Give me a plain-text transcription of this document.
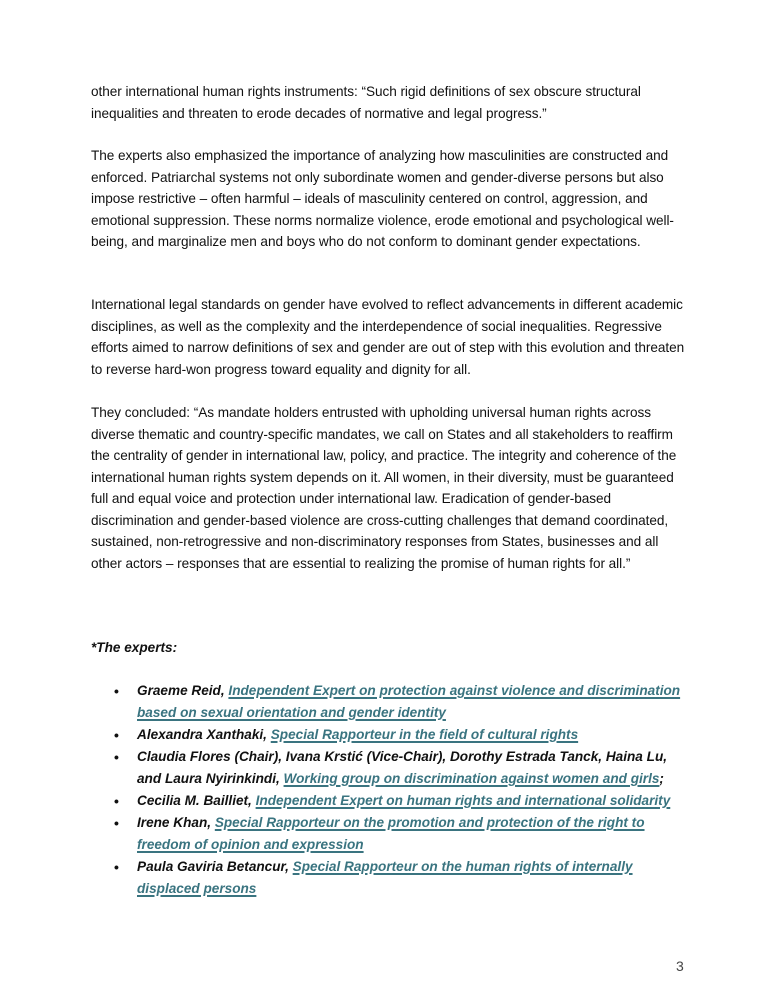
other international human rights instruments: “Such rigid definitions of sex obscure structural inequalities and threaten to erode decades of normative and legal progress.”

The experts also emphasized the importance of analyzing how masculinities are constructed and enforced. Patriarchal systems not only subordinate women and gender-diverse persons but also impose restrictive – often harmful – ideals of masculinity centered on control, aggression, and emotional suppression. These norms normalize violence, erode emotional and psychological well-being, and marginalize men and boys who do not conform to dominant gender expectations.

International legal standards on gender have evolved to reflect advancements in different academic disciplines, as well as the complexity and the interdependence of social inequalities. Regressive efforts aimed to narrow definitions of sex and gender are out of step with this evolution and threaten to reverse hard-won progress toward equality and dignity for all.

They concluded: “As mandate holders entrusted with upholding universal human rights across diverse thematic and country-specific mandates, we call on States and all stakeholders to reaffirm the centrality of gender in international law, policy, and practice. The integrity and coherence of the international human rights system depends on it. All women, in their diversity, must be guaranteed full and equal voice and protection under international law. Eradication of gender-based discrimination and gender-based violence are cross-cutting challenges that demand coordinated, sustained, non-retrogressive and non-discriminatory responses from States, businesses and all other actors – responses that are essential to realizing the promise of human rights for all.”

*The experts:

• Graeme Reid, Independent Expert on protection against violence and discrimination based on sexual orientation and gender identity
• Alexandra Xanthaki, Special Rapporteur in the field of cultural rights
• Claudia Flores (Chair), Ivana Krstić (Vice-Chair), Dorothy Estrada Tanck, Haina Lu, and Laura Nyirinkindi, Working group on discrimination against women and girls;
• Cecilia M. Bailliet, Independent Expert on human rights and international solidarity
• Irene Khan, Special Rapporteur on the promotion and protection of the right to freedom of opinion and expression
• Paula Gaviria Betancur, Special Rapporteur on the human rights of internally displaced persons

3
